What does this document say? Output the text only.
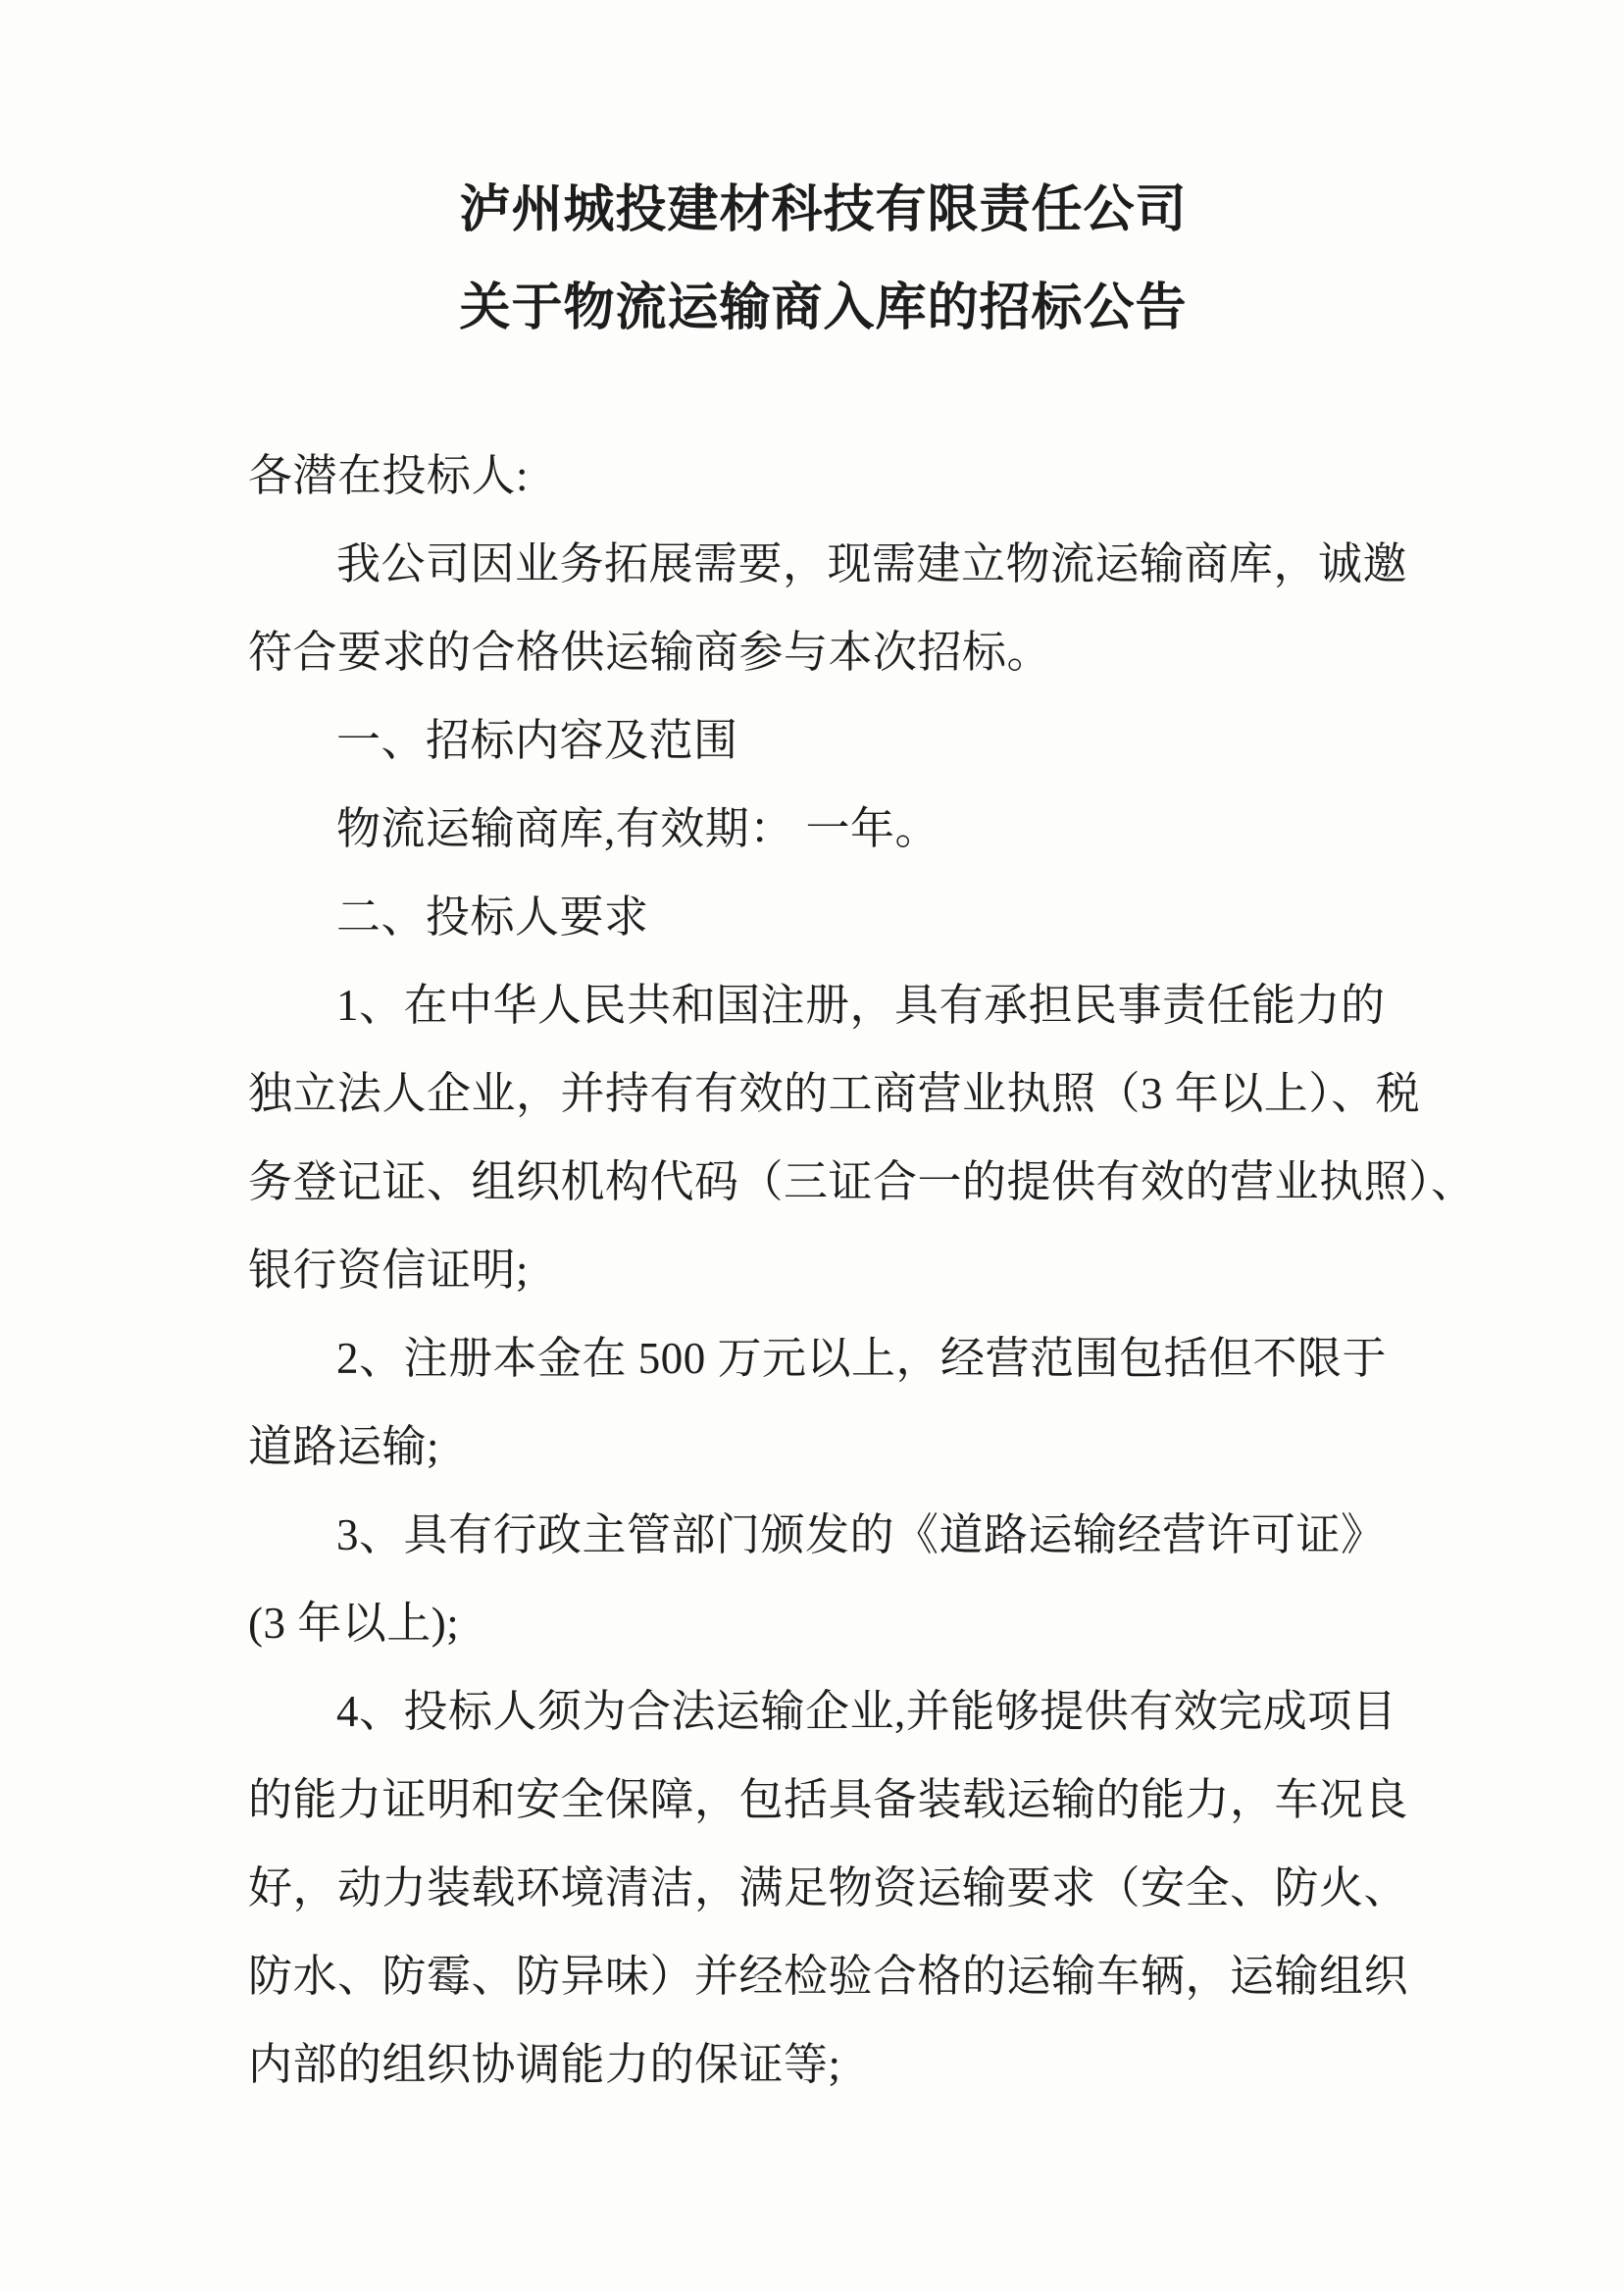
泸州城投建材科技有限责任公司
关于物流运输商入库的招标公告

各潜在投标人:

我公司因业务拓展需要，现需建立物流运输商库，诚邀

符合要求的合格供运输商参与本次招标。

一、招标内容及范围

物流运输商库,有效期： 一年。

二、投标人要求

1、在中华人民共和国注册，具有承担民事责任能力的

独立法人企业，并持有有效的工商营业执照（3 年以上）、税

务登记证、组织机构代码（三证合一的提供有效的营业执照）、

银行资信证明;

2、注册本金在 500 万元以上，经营范围包括但不限于

道路运输;

3、具有行政主管部门颁发的《道路运输经营许可证》

(3 年以上);

4、投标人须为合法运输企业,并能够提供有效完成项目

的能力证明和安全保障，包括具备装载运输的能力，车况良

好，动力装载环境清洁，满足物资运输要求（安全、防火、

防水、防霉、防异味）并经检验合格的运输车辆，运输组织

内部的组织协调能力的保证等;
